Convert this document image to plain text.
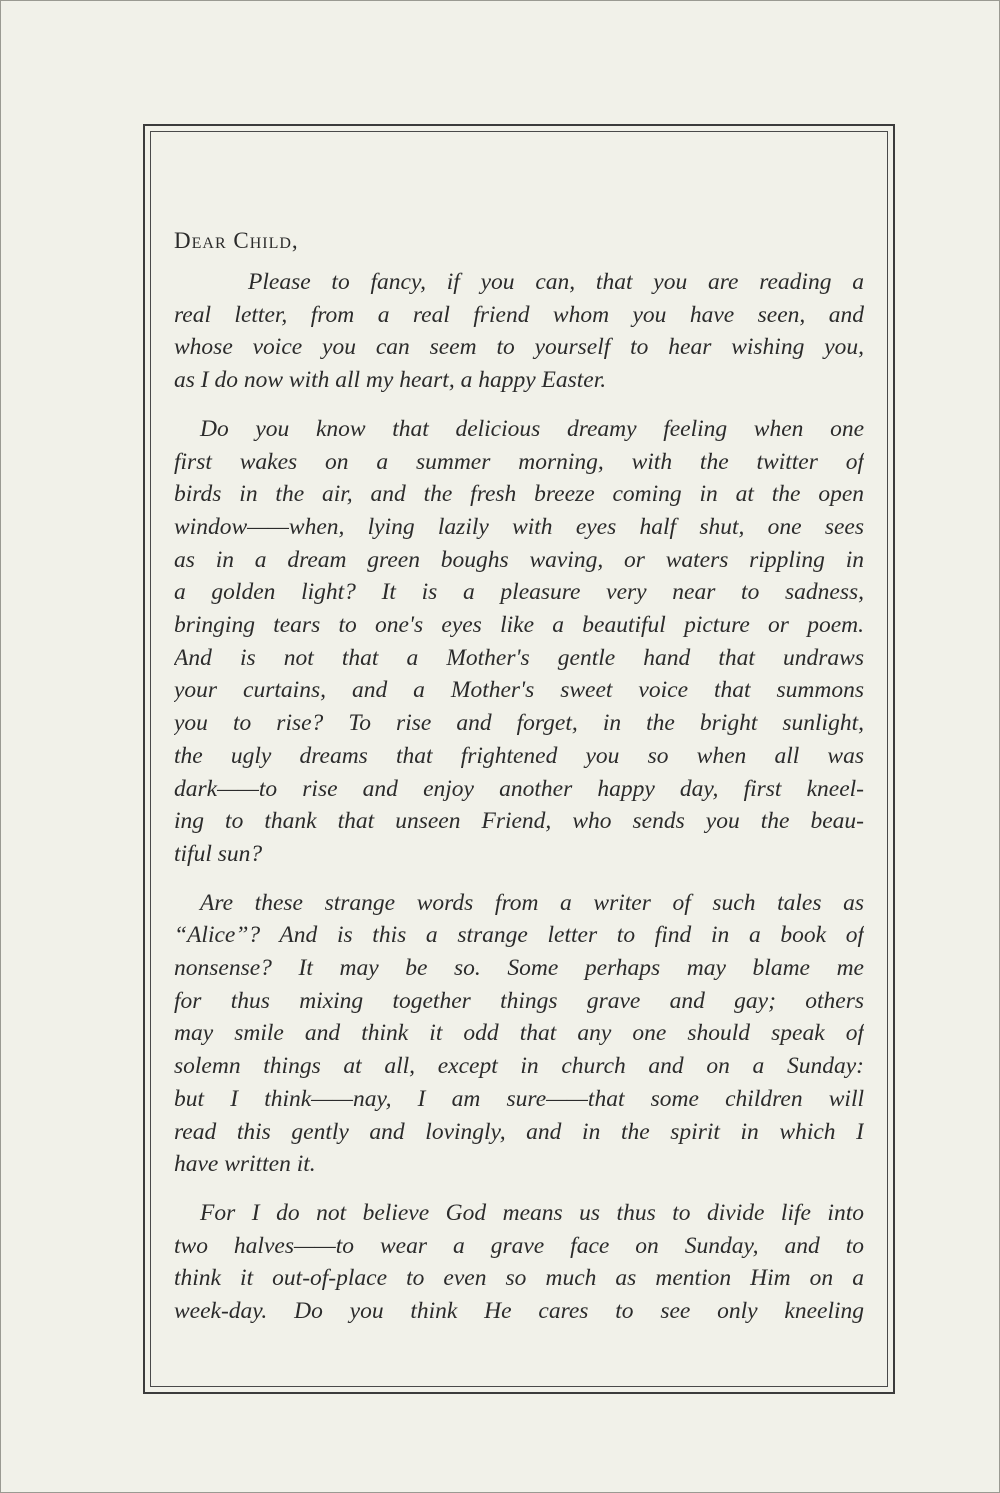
Dear Child,

Please to fancy, if you can, that you are reading a
real letter, from a real friend whom you have seen, and
whose voice you can seem to yourself to hear wishing you,
as I do now with all my heart, a happy Easter.

Do you know that delicious dreamy feeling when one
first wakes on a summer morning, with the twitter of
birds in the air, and the fresh breeze coming in at the open
window——when, lying lazily with eyes half shut, one sees
as in a dream green boughs waving, or waters rippling in
a golden light? It is a pleasure very near to sadness,
bringing tears to one's eyes like a beautiful picture or poem.
And is not that a Mother's gentle hand that undraws
your curtains, and a Mother's sweet voice that summons
you to rise? To rise and forget, in the bright sunlight,
the ugly dreams that frightened you so when all was
dark——to rise and enjoy another happy day, first kneel-
ing to thank that unseen Friend, who sends you the beau-
tiful sun?

Are these strange words from a writer of such tales as
“Alice”? And is this a strange letter to find in a book of
nonsense? It may be so. Some perhaps may blame me
for thus mixing together things grave and gay; others
may smile and think it odd that any one should speak of
solemn things at all, except in church and on a Sunday:
but I think——nay, I am sure——that some children will
read this gently and lovingly, and in the spirit in which I
have written it.

For I do not believe God means us thus to divide life into
two halves——to wear a grave face on Sunday, and to
think it out-of-place to even so much as mention Him on a
week-day. Do you think He cares to see only kneeling
